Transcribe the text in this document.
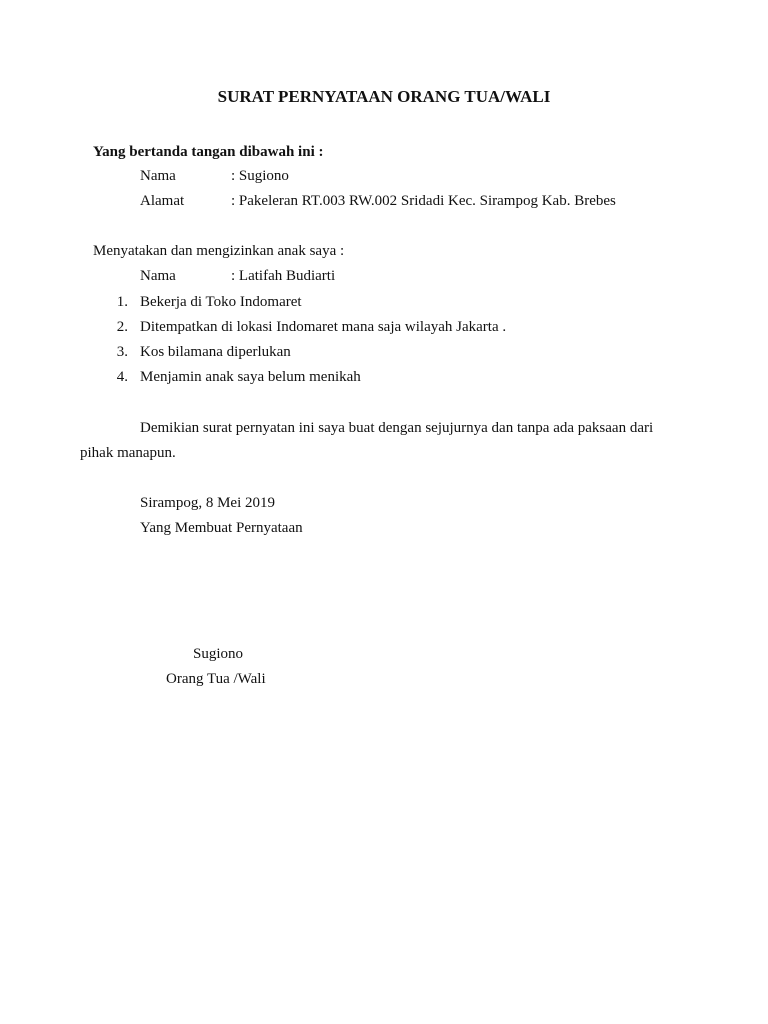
SURAT PERNYATAAN ORANG TUA/WALI
Yang bertanda tangan dibawah ini :
Nama	: Sugiono
Alamat	: Pakeleran RT.003 RW.002 Sridadi Kec. Sirampog Kab. Brebes
Menyatakan dan mengizinkan anak saya :
Nama	: Latifah Budiarti
1. Bekerja di Toko Indomaret
2. Ditempatkan di lokasi Indomaret mana saja wilayah Jakarta .
3. Kos bilamana diperlukan
4. Menjamin anak saya belum menikah
Demikian surat pernyatan ini saya buat dengan sejujurnya dan tanpa ada paksaan dari
pihak manapun.
Sirampog, 8 Mei 2019
Yang Membuat Pernyataan
Sugiono
Orang Tua /Wali
